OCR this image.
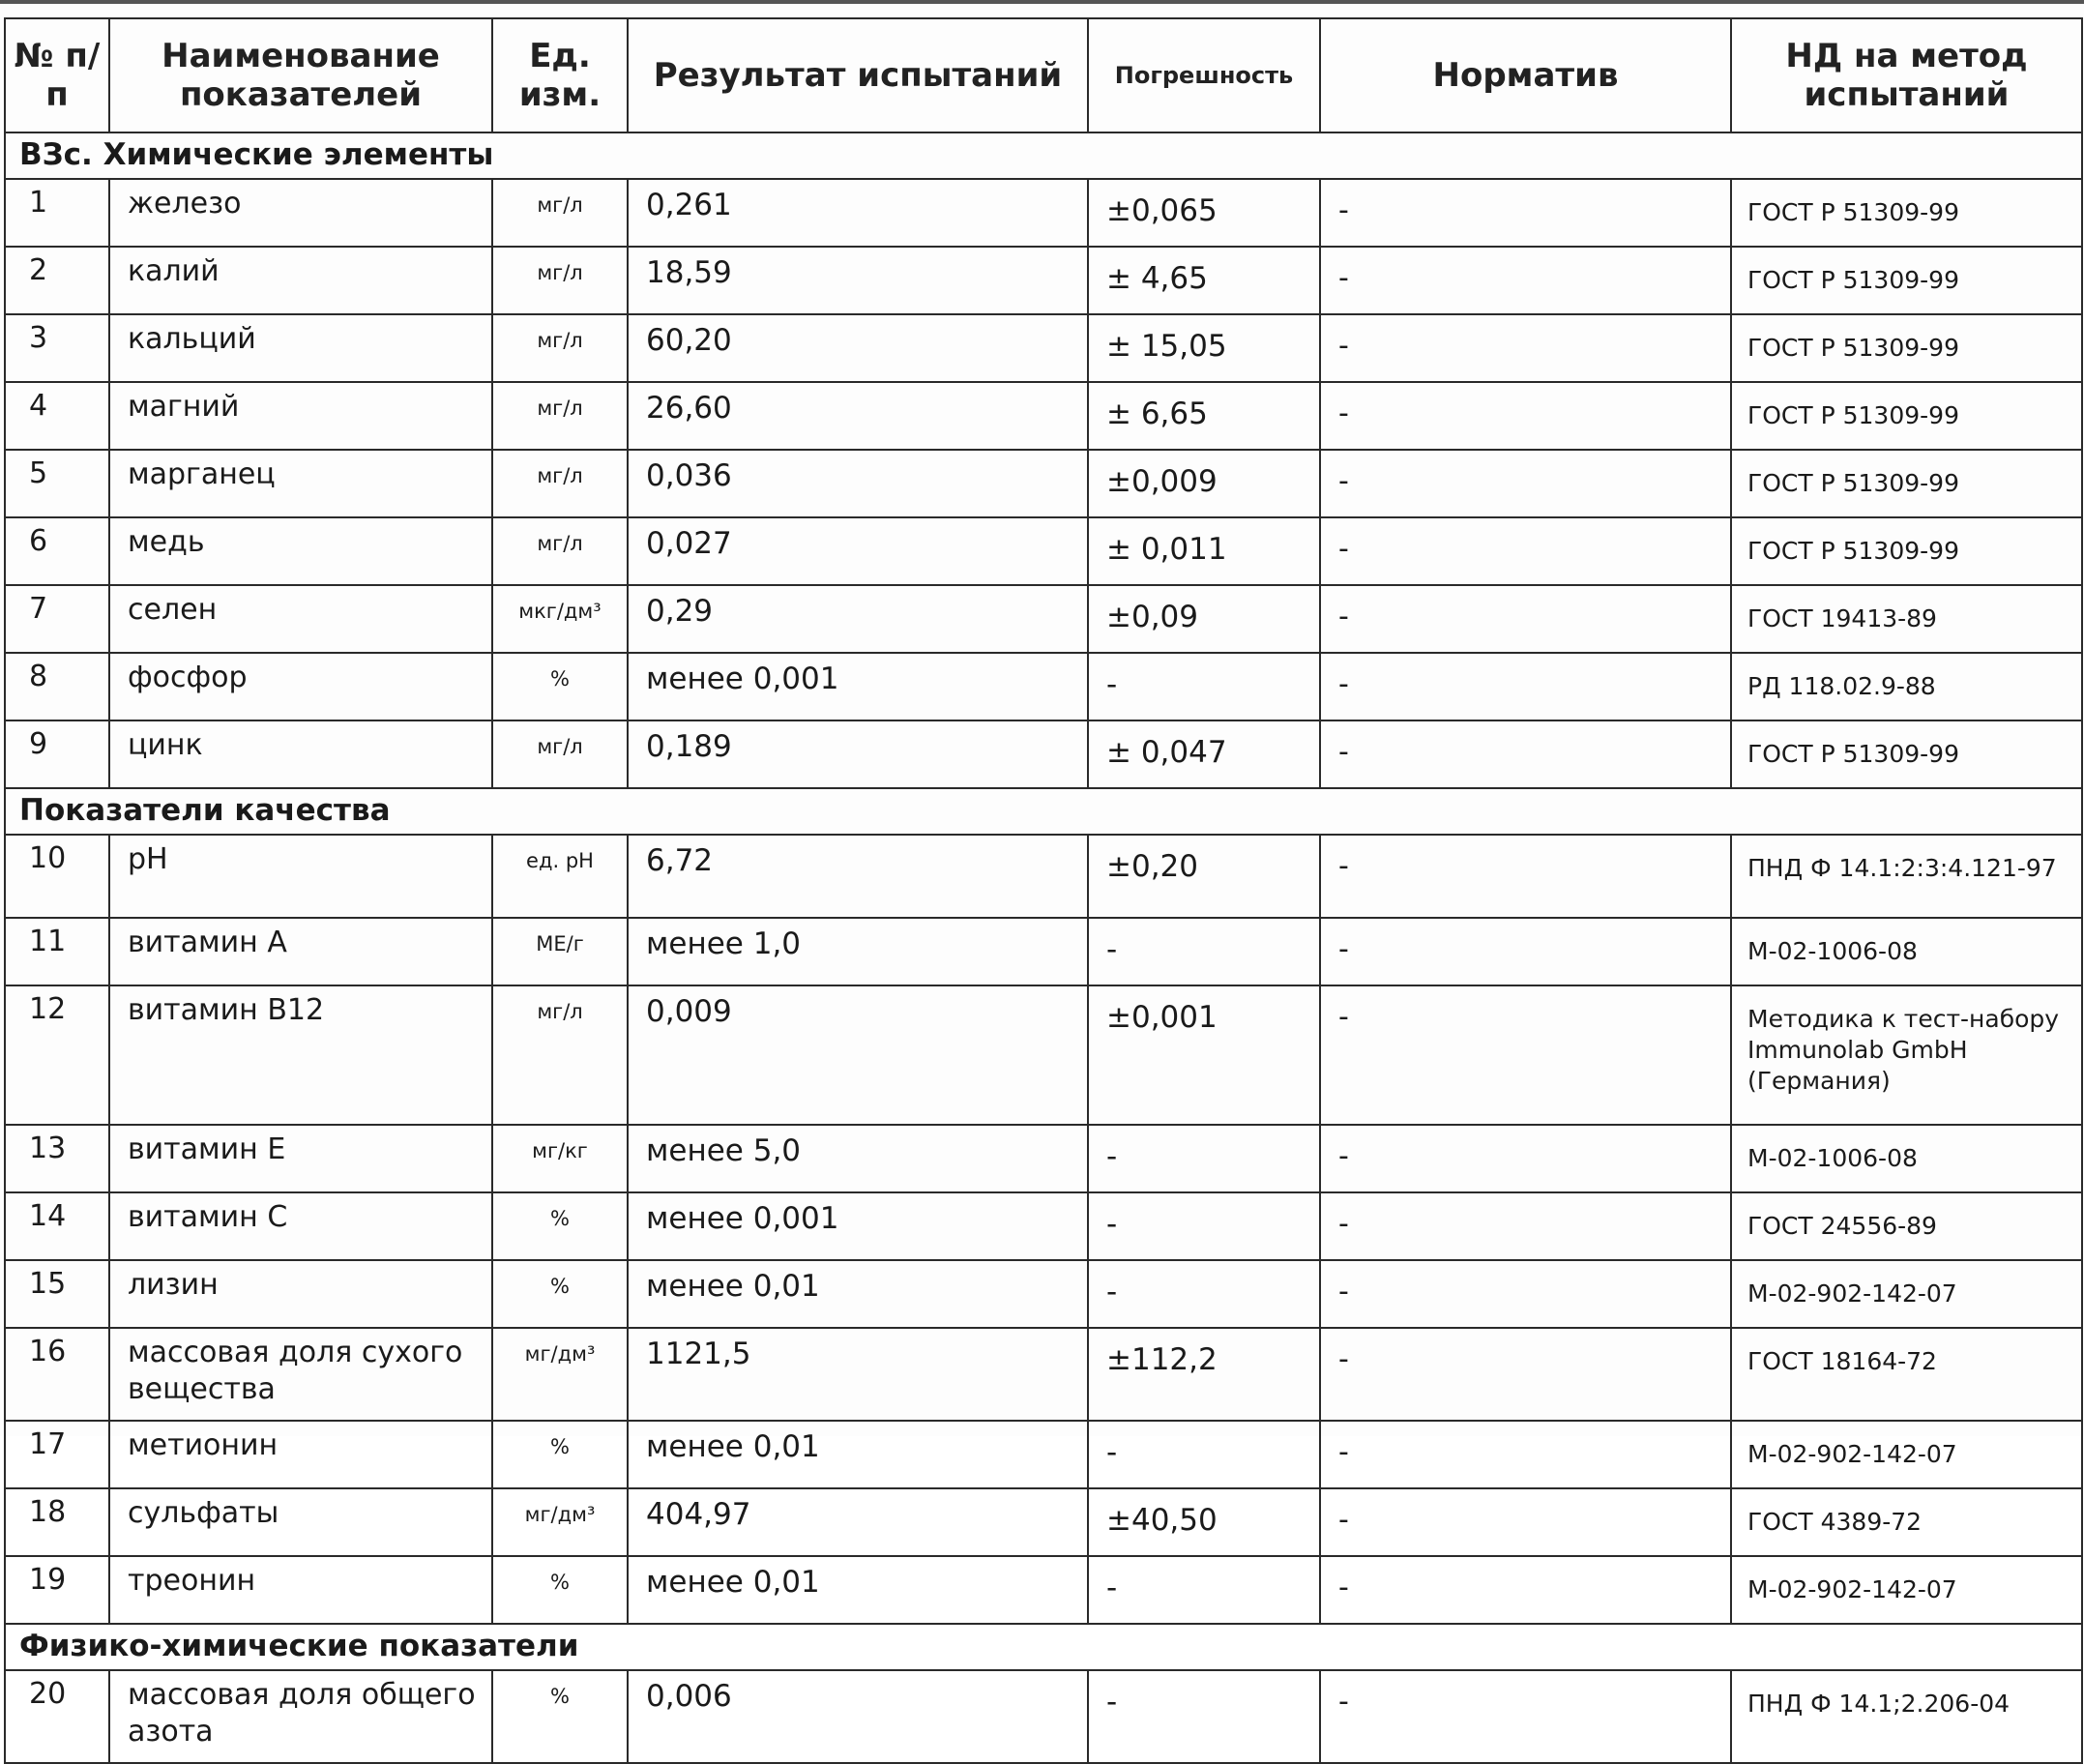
№ п/п	Наименование показателей	Ед. изм.	Результат испытаний	Погрешность	Норматив	НД на метод испытаний
ВЗс. Химические элементы						
1	железо	мг/л	0,261	±0,065	-	ГОСТ Р 51309-99
2	калий	мг/л	18,59	± 4,65	-	ГОСТ Р 51309-99
3	кальций	мг/л	60,20	± 15,05	-	ГОСТ Р 51309-99
4	магний	мг/л	26,60	± 6,65	-	ГОСТ Р 51309-99
5	марганец	мг/л	0,036	±0,009	-	ГОСТ Р 51309-99
6	медь	мг/л	0,027	± 0,011	-	ГОСТ Р 51309-99
7	селен	мкг/дм³	0,29	±0,09	-	ГОСТ 19413-89
8	фосфор	%	менее 0,001	-	-	РД 118.02.9-88
9	цинк	мг/л	0,189	± 0,047	-	ГОСТ Р 51309-99
Показатели качества						
10	pH	ед. pH	6,72	±0,20	-	ПНД Ф 14.1:2:3:4.121-97
11	витамин А	МЕ/г	менее 1,0	-	-	М-02-1006-08
12	витамин В12	мг/л	0,009	±0,001	-	Методика к тест-набору Immunolab GmbH (Германия)
13	витамин Е	мг/кг	менее 5,0	-	-	М-02-1006-08
14	витамин С	%	менее 0,001	-	-	ГОСТ 24556-89
15	лизин	%	менее 0,01	-	-	М-02-902-142-07
16	массовая доля сухого вещества	мг/дм³	1121,5	±112,2	-	ГОСТ 18164-72
17	метионин	%	менее 0,01	-	-	М-02-902-142-07
18	сульфаты	мг/дм³	404,97	±40,50	-	ГОСТ 4389-72
19	треонин	%	менее 0,01	-	-	М-02-902-142-07
Физико-химические показатели						
20	массовая доля общего азота	%	0,006	-	-	ПНД Ф 14.1;2.206-04
